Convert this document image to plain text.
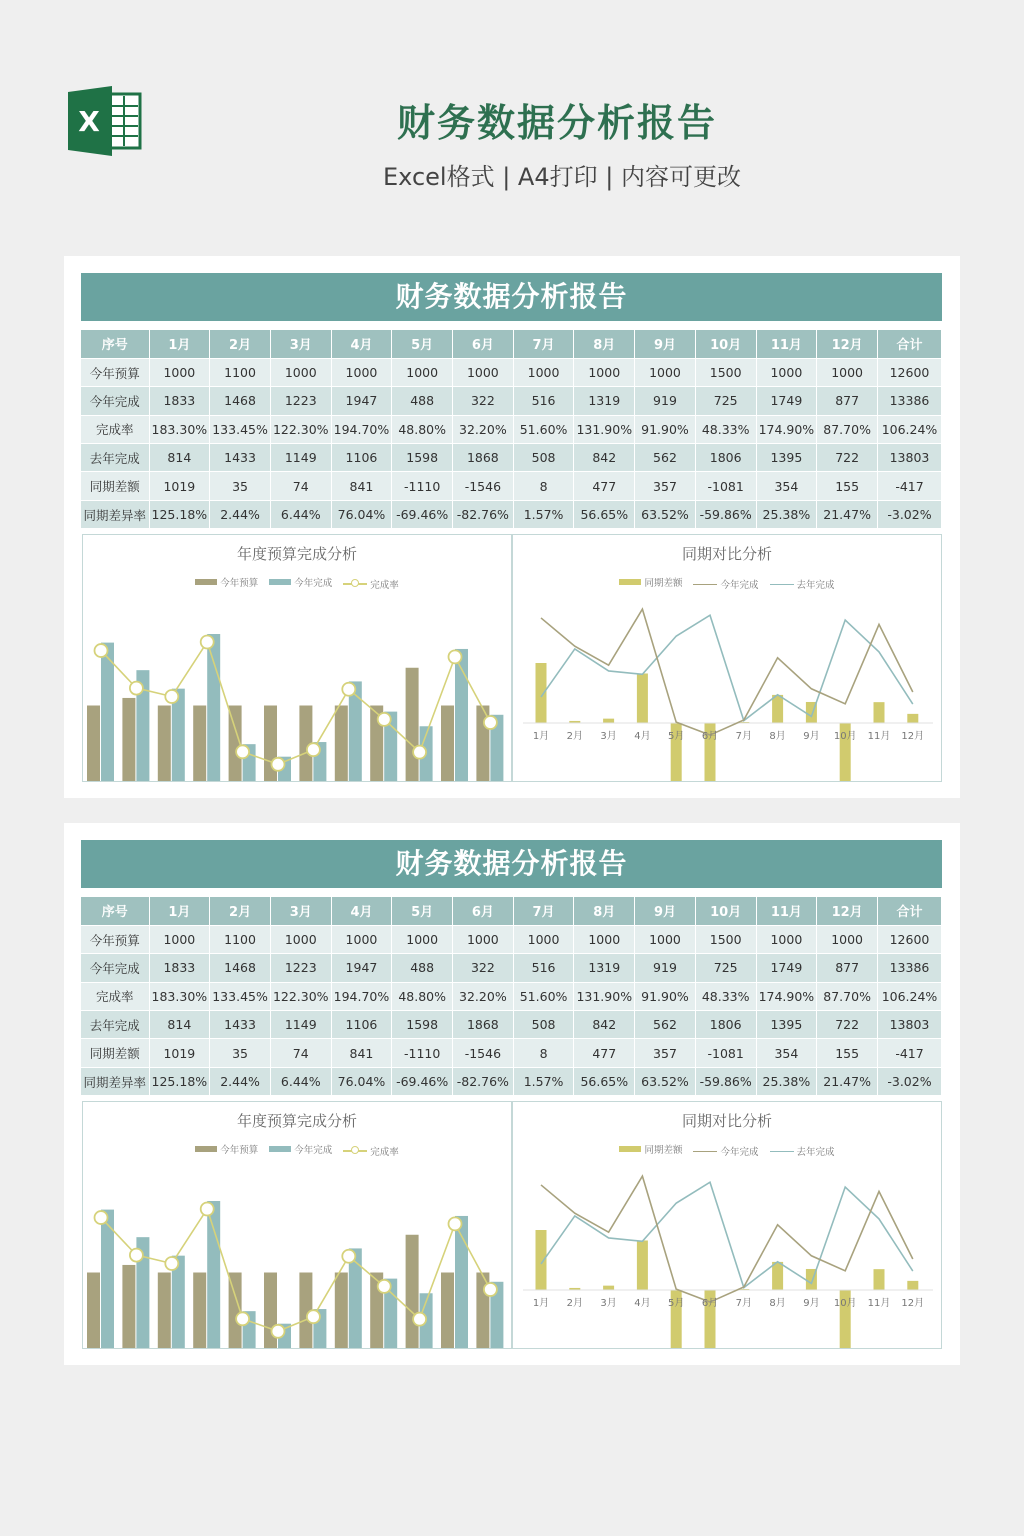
X	财务数据分析报告
Excel格式 | A4打印 | 内容可更改
财务数据分析报告
序号	1月	2月	3月	4月	5月	6月	7月	8月	9月	10月	11月	12月	合计
今年预算	1000	1100	1000	1000	1000	1000	1000	1000	1000	1500	1000	1000	12600
今年完成	1833	1468	1223	1947	488	322	516	1319	919	725	1749	877	13386
完成率	183.30%	133.45%	122.30%	194.70%	48.80%	32.20%	51.60%	131.90%	91.90%	48.33%	174.90%	87.70%	106.24%
去年完成	814	1433	1149	1106	1598	1868	508	842	562	1806	1395	722	13803
同期差额	1019	35	74	841	-1110	-1546	8	477	357	-1081	354	155	-417
同期差异率	125.18%	2.44%	6.44%	76.04%	-69.46%	-82.76%	1.57%	56.65%	63.52%	-59.86%	25.38%	21.47%	-3.02%
年度预算完成分析
今年预算
	今年完成
	完成率
同期对比分析
同期差额
	今年完成
	去年完成
1月 2月 3月 4月 5月 6月 7月 8月 9月 10月 11月 12月
财务数据分析报告
序号	1月	2月	3月	4月	5月	6月	7月	8月	9月	10月	11月	12月	合计
今年预算	1000	1100	1000	1000	1000	1000	1000	1000	1000	1500	1000	1000	12600
今年完成	1833	1468	1223	1947	488	322	516	1319	919	725	1749	877	13386
完成率	183.30%	133.45%	122.30%	194.70%	48.80%	32.20%	51.60%	131.90%	91.90%	48.33%	174.90%	87.70%	106.24%
去年完成	814	1433	1149	1106	1598	1868	508	842	562	1806	1395	722	13803
同期差额	1019	35	74	841	-1110	-1546	8	477	357	-1081	354	155	-417
同期差异率	125.18%	2.44%	6.44%	76.04%	-69.46%	-82.76%	1.57%	56.65%	63.52%	-59.86%	25.38%	21.47%	-3.02%
年度预算完成分析
今年预算
	今年完成
	完成率
同期对比分析
同期差额
	今年完成
	去年完成
1月 2月 3月 4月 5月 6月 7月 8月 9月 10月 11月 12月
